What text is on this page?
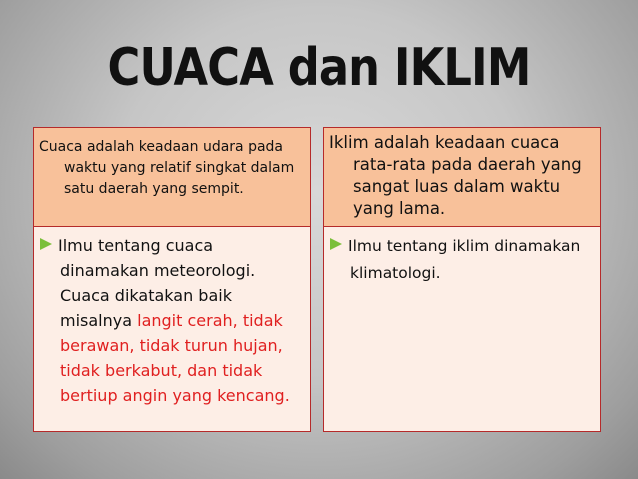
CUACA dan IKLIM

Cuaca adalah keadaan udara pada waktu yang relatif singkat dalam satu daerah yang sempit.

Ilmu tentang cuaca dinamakan meteorologi. Cuaca dikatakan baik misalnya langit cerah, tidak berawan, tidak turun hujan, tidak berkabut, dan tidak bertiup angin yang kencang.

Iklim adalah keadaan cuaca rata-rata pada daerah yang sangat luas dalam waktu yang lama.

Ilmu tentang iklim dinamakan klimatologi.
